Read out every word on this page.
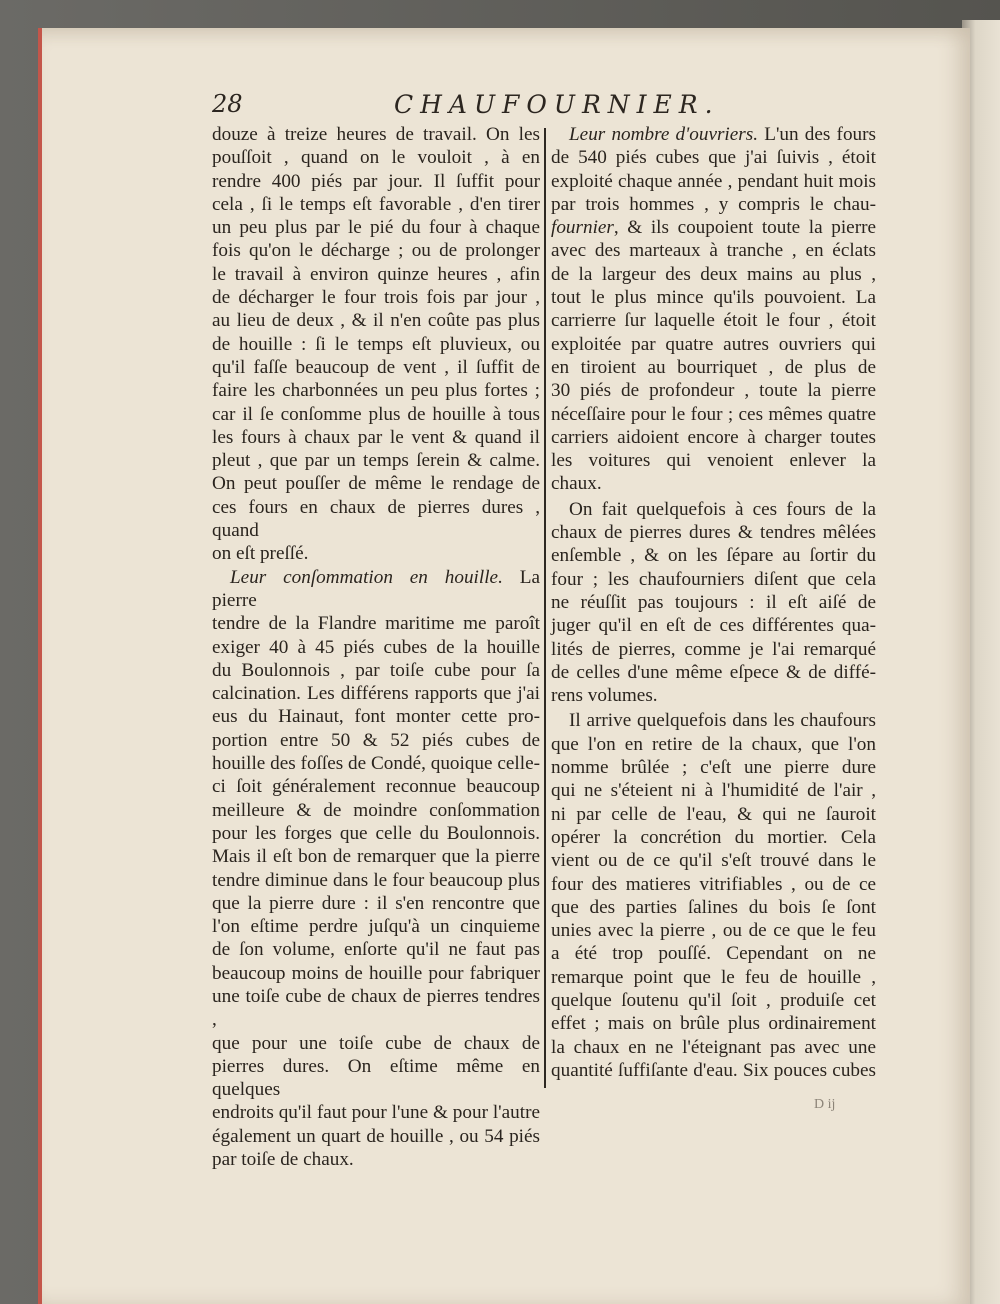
28	CHAUFOURNIER.

douze à treize heures de travail. On les

pouſſoit , quand on le vouloit , à en

rendre 400 piés par jour. Il ſuffit pour

cela , ſi le temps eſt favorable , d'en tirer

un peu plus par le pié du four à chaque

fois qu'on le décharge ; ou de prolonger

le travail à environ quinze heures , afin

de décharger le four trois fois par jour ,

au lieu de deux , & il n'en coûte pas plus

de houille : ſi le temps eſt pluvieux, ou

qu'il faſſe beaucoup de vent , il ſuffit de

faire les charbonnées un peu plus fortes ;

car il ſe conſomme plus de houille à tous

les fours à chaux par le vent & quand il

pleut , que par un temps ſerein & calme.

On peut pouſſer de même le rendage de

ces fours en chaux de pierres dures , quand

on eſt preſſé.

Leur conſommation en houille. La pierre

tendre de la Flandre maritime me paroît

exiger 40 à 45 piés cubes de la houille

du Boulonnois , par toiſe cube pour ſa

calcination. Les différens rapports que j'ai

eus du Hainaut, font monter cette pro-

portion entre 50 & 52 piés cubes de

houille des foſſes de Condé, quoique celle-

ci ſoit généralement reconnue beaucoup

meilleure & de moindre conſommation

pour les forges que celle du Boulonnois.

Mais il eſt bon de remarquer que la pierre

tendre diminue dans le four beaucoup plus

que la pierre dure : il s'en rencontre que

l'on eſtime perdre juſqu'à un cinquieme

de ſon volume, enſorte qu'il ne faut pas

beaucoup moins de houille pour fabriquer

une toiſe cube de chaux de pierres tendres ,

que pour une toiſe cube de chaux de

pierres dures. On eſtime même en quelques

endroits qu'il faut pour l'une & pour l'autre

également un quart de houille , ou 54 piés

par toiſe de chaux.

Leur nombre d'ouvriers. L'un des fours

de 540 piés cubes que j'ai ſuivis , étoit

exploité chaque année , pendant huit mois

par trois hommes , y compris le chau-

fournier, & ils coupoient toute la pierre

avec des marteaux à tranche , en éclats

de la largeur des deux mains au plus ,

tout le plus mince qu'ils pouvoient. La

carrierre ſur laquelle étoit le four , étoit

exploitée par quatre autres ouvriers qui

en tiroient au bourriquet , de plus de

30 piés de profondeur , toute la pierre

néceſſaire pour le four ; ces mêmes quatre

carriers aidoient encore à charger toutes

les voitures qui venoient enlever la

chaux.

On fait quelquefois à ces fours de la

chaux de pierres dures & tendres mêlées

enſemble , & on les ſépare au ſortir du

four ; les chaufourniers diſent que cela

ne réuſſit pas toujours : il eſt aiſé de

juger qu'il en eſt de ces différentes qua-

lités de pierres, comme je l'ai remarqué

de celles d'une même eſpece & de diffé-

rens volumes.

Il arrive quelquefois dans les chaufours

que l'on en retire de la chaux, que l'on

nomme brûlée ; c'eſt une pierre dure

qui ne s'éteient ni à l'humidité de l'air ,

ni par celle de l'eau, & qui ne ſauroit

opérer la concrétion du mortier. Cela

vient ou de ce qu'il s'eſt trouvé dans le

four des matieres vitrifiables , ou de ce

que des parties ſalines du bois ſe ſont

unies avec la pierre , ou de ce que le feu

a été trop pouſſé. Cependant on ne

remarque point que le feu de houille ,

quelque ſoutenu qu'il ſoit , produiſe cet

effet ; mais on brûle plus ordinairement

la chaux en ne l'éteignant pas avec une

quantité ſuffiſante d'eau. Six pouces cubes

D ij
